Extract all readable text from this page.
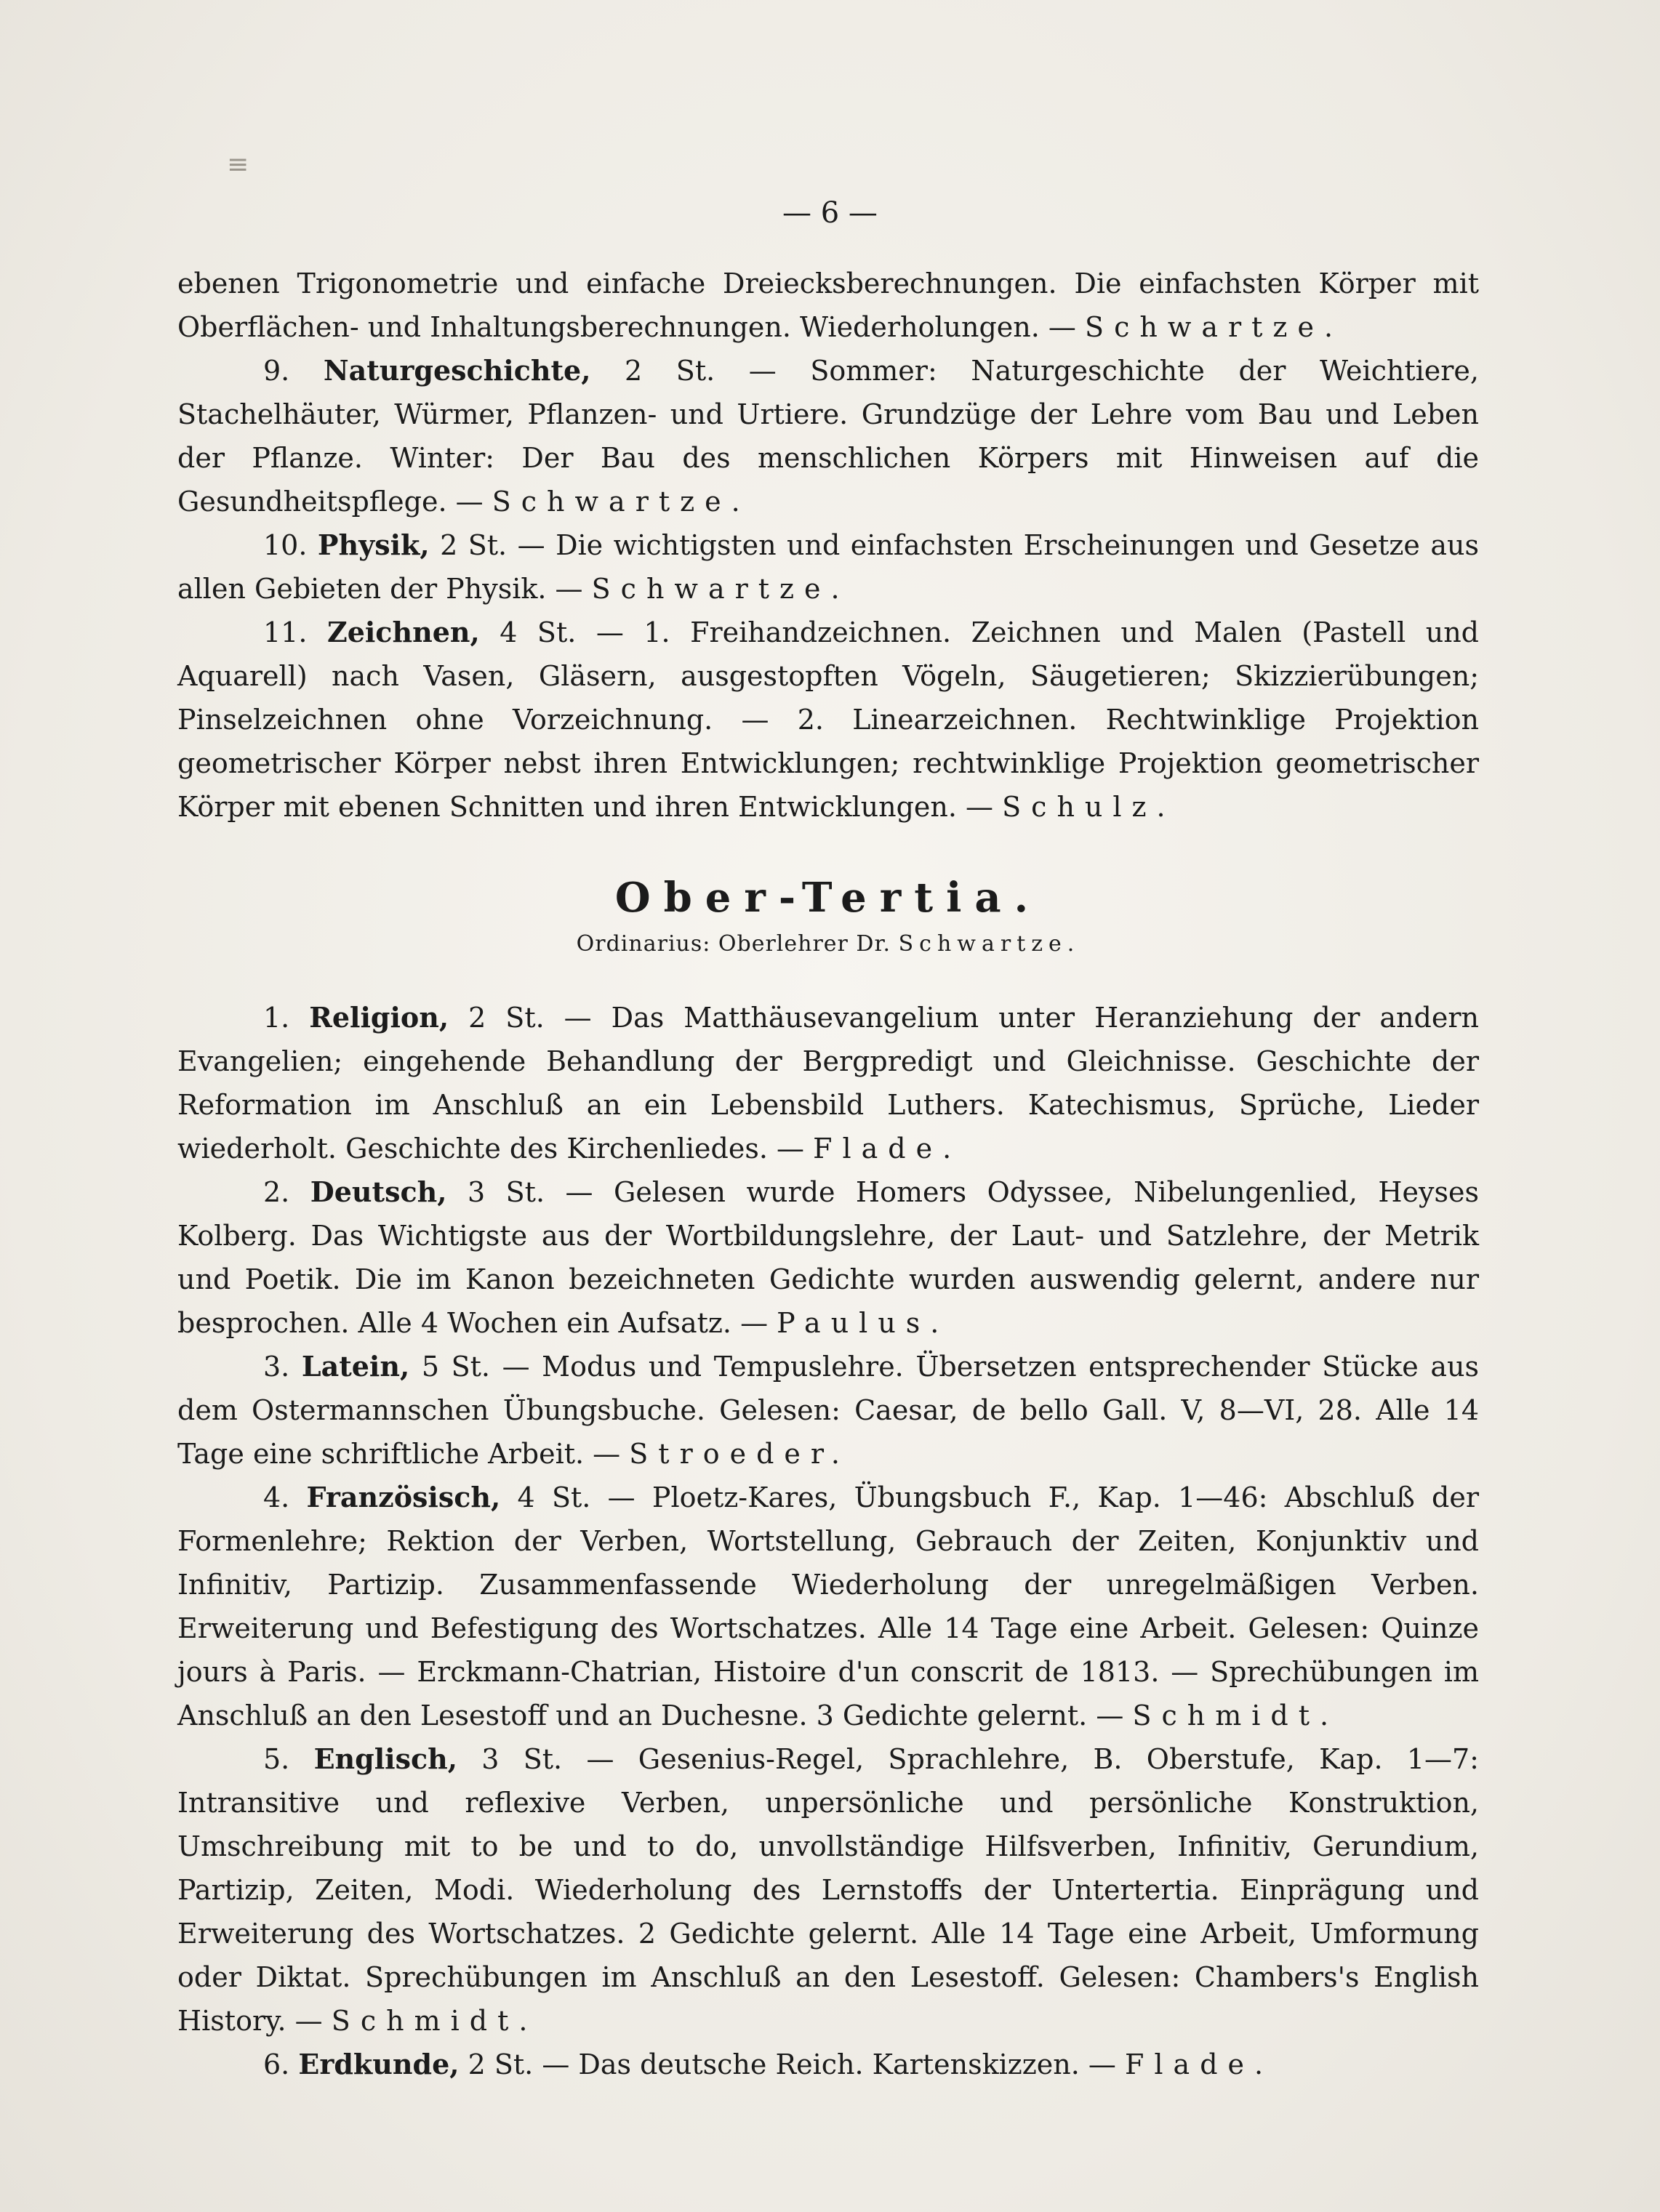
≡
— 6 —

ebenen Trigonometrie und einfache Dreiecksberechnungen. Die einfachsten Körper mit Oberflächen- und Inhaltungsberechnungen. Wiederholungen. — Schwartze.

9. Naturgeschichte, 2 St. — Sommer: Naturgeschichte der Weichtiere, Stachelhäuter, Würmer, Pflanzen- und Urtiere. Grundzüge der Lehre vom Bau und Leben der Pflanze. Winter: Der Bau des menschlichen Körpers mit Hinweisen auf die Gesundheitspflege. — Schwartze.

10. Physik, 2 St. — Die wichtigsten und einfachsten Erscheinungen und Gesetze aus allen Gebieten der Physik. — Schwartze.

11. Zeichnen, 4 St. — 1. Freihandzeichnen. Zeichnen und Malen (Pastell und Aquarell) nach Vasen, Gläsern, ausgestopften Vögeln, Säugetieren; Skizzierübungen; Pinselzeichnen ohne Vorzeichnung. — 2. Linearzeichnen. Rechtwinklige Projektion geometrischer Körper nebst ihren Entwicklungen; rechtwinklige Projektion geometrischer Körper mit ebenen Schnitten und ihren Entwicklungen. — Schulz.

Ober-Tertia.

Ordinarius: Oberlehrer Dr. Schwartze.

1. Religion, 2 St. — Das Matthäusevangelium unter Heranziehung der andern Evangelien; eingehende Behandlung der Bergpredigt und Gleichnisse. Geschichte der Reformation im Anschluß an ein Lebensbild Luthers. Katechismus, Sprüche, Lieder wiederholt. Geschichte des Kirchenliedes. — Flade.

2. Deutsch, 3 St. — Gelesen wurde Homers Odyssee, Nibelungenlied, Heyses Kolberg. Das Wichtigste aus der Wortbildungslehre, der Laut- und Satzlehre, der Metrik und Poetik. Die im Kanon bezeichneten Gedichte wurden auswendig gelernt, andere nur besprochen. Alle 4 Wochen ein Aufsatz. — Paulus.

3. Latein, 5 St. — Modus und Tempuslehre. Übersetzen entsprechender Stücke aus dem Ostermannschen Übungsbuche. Gelesen: Caesar, de bello Gall. V, 8—VI, 28. Alle 14 Tage eine schriftliche Arbeit. — Stroeder.

4. Französisch, 4 St. — Ploetz-Kares, Übungsbuch F., Kap. 1—46: Abschluß der Formenlehre; Rektion der Verben, Wortstellung, Gebrauch der Zeiten, Konjunktiv und Infinitiv, Partizip. Zusammenfassende Wiederholung der unregelmäßigen Verben. Erweiterung und Befestigung des Wortschatzes. Alle 14 Tage eine Arbeit. Gelesen: Quinze jours à Paris. — Erckmann-Chatrian, Histoire d'un conscrit de 1813. — Sprechübungen im Anschluß an den Lesestoff und an Duchesne. 3 Gedichte gelernt. — Schmidt.

5. Englisch, 3 St. — Gesenius-Regel, Sprachlehre, B. Oberstufe, Kap. 1—7: Intransitive und reflexive Verben, unpersönliche und persönliche Konstruktion, Umschreibung mit to be und to do, unvollständige Hilfsverben, Infinitiv, Gerundium, Partizip, Zeiten, Modi. Wiederholung des Lernstoffs der Untertertia. Einprägung und Erweiterung des Wortschatzes. 2 Gedichte gelernt. Alle 14 Tage eine Arbeit, Umformung oder Diktat. Sprechübungen im Anschluß an den Lesestoff. Gelesen: Chambers's English History. — Schmidt.

6. Erdkunde, 2 St. — Das deutsche Reich. Kartenskizzen. — Flade.
